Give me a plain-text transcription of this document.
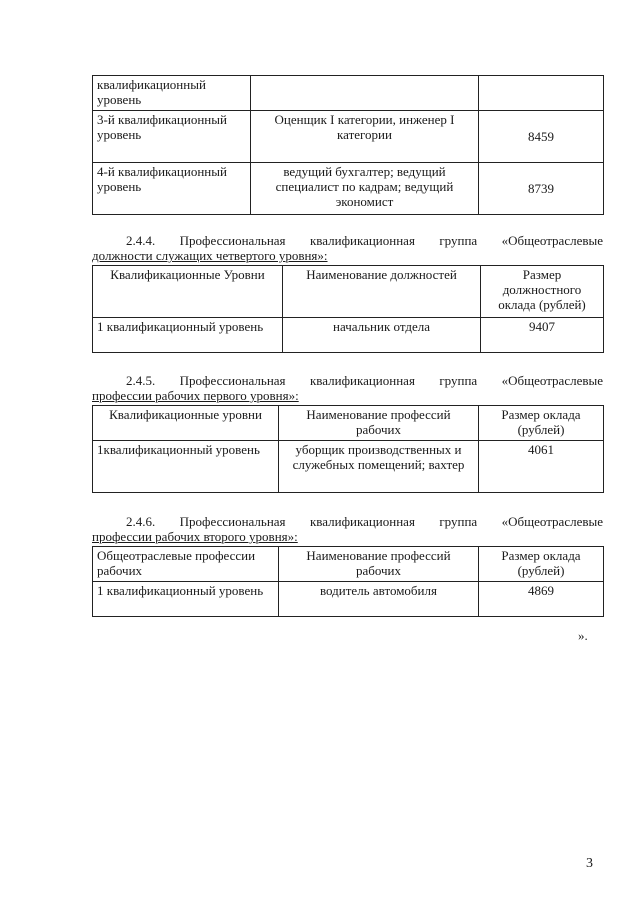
квалификационный уровень		
3-й квалификационный уровень	Оценщик I категории, инженер I категории	8459
4-й квалификационный уровень	ведущий бухгалтер; ведущий специалист по кадрам; ведущий экономист	8739
2.4.4. Профессиональная квалификационная группа «Общеотраслевые
должности служащих четвертого уровня»:
Квалификационные Уровни	Наименование должностей	Размер должностного оклада (рублей)
1 квалификационный уровень	начальник отдела	9407
2.4.5. Профессиональная квалификационная группа «Общеотраслевые
профессии рабочих первого уровня»:
Квалификационные уровни	Наименование профессий рабочих	Размер оклада (рублей)
1квалификационный уровень	уборщик производственных и служебных помещений; вахтер	4061
2.4.6. Профессиональная квалификационная группа «Общеотраслевые
профессии рабочих второго уровня»:
Общеотраслевые профессии рабочих	Наименование профессий рабочих	Размер оклада (рублей)
1 квалификационный уровень	водитель автомобиля	4869
».
3
